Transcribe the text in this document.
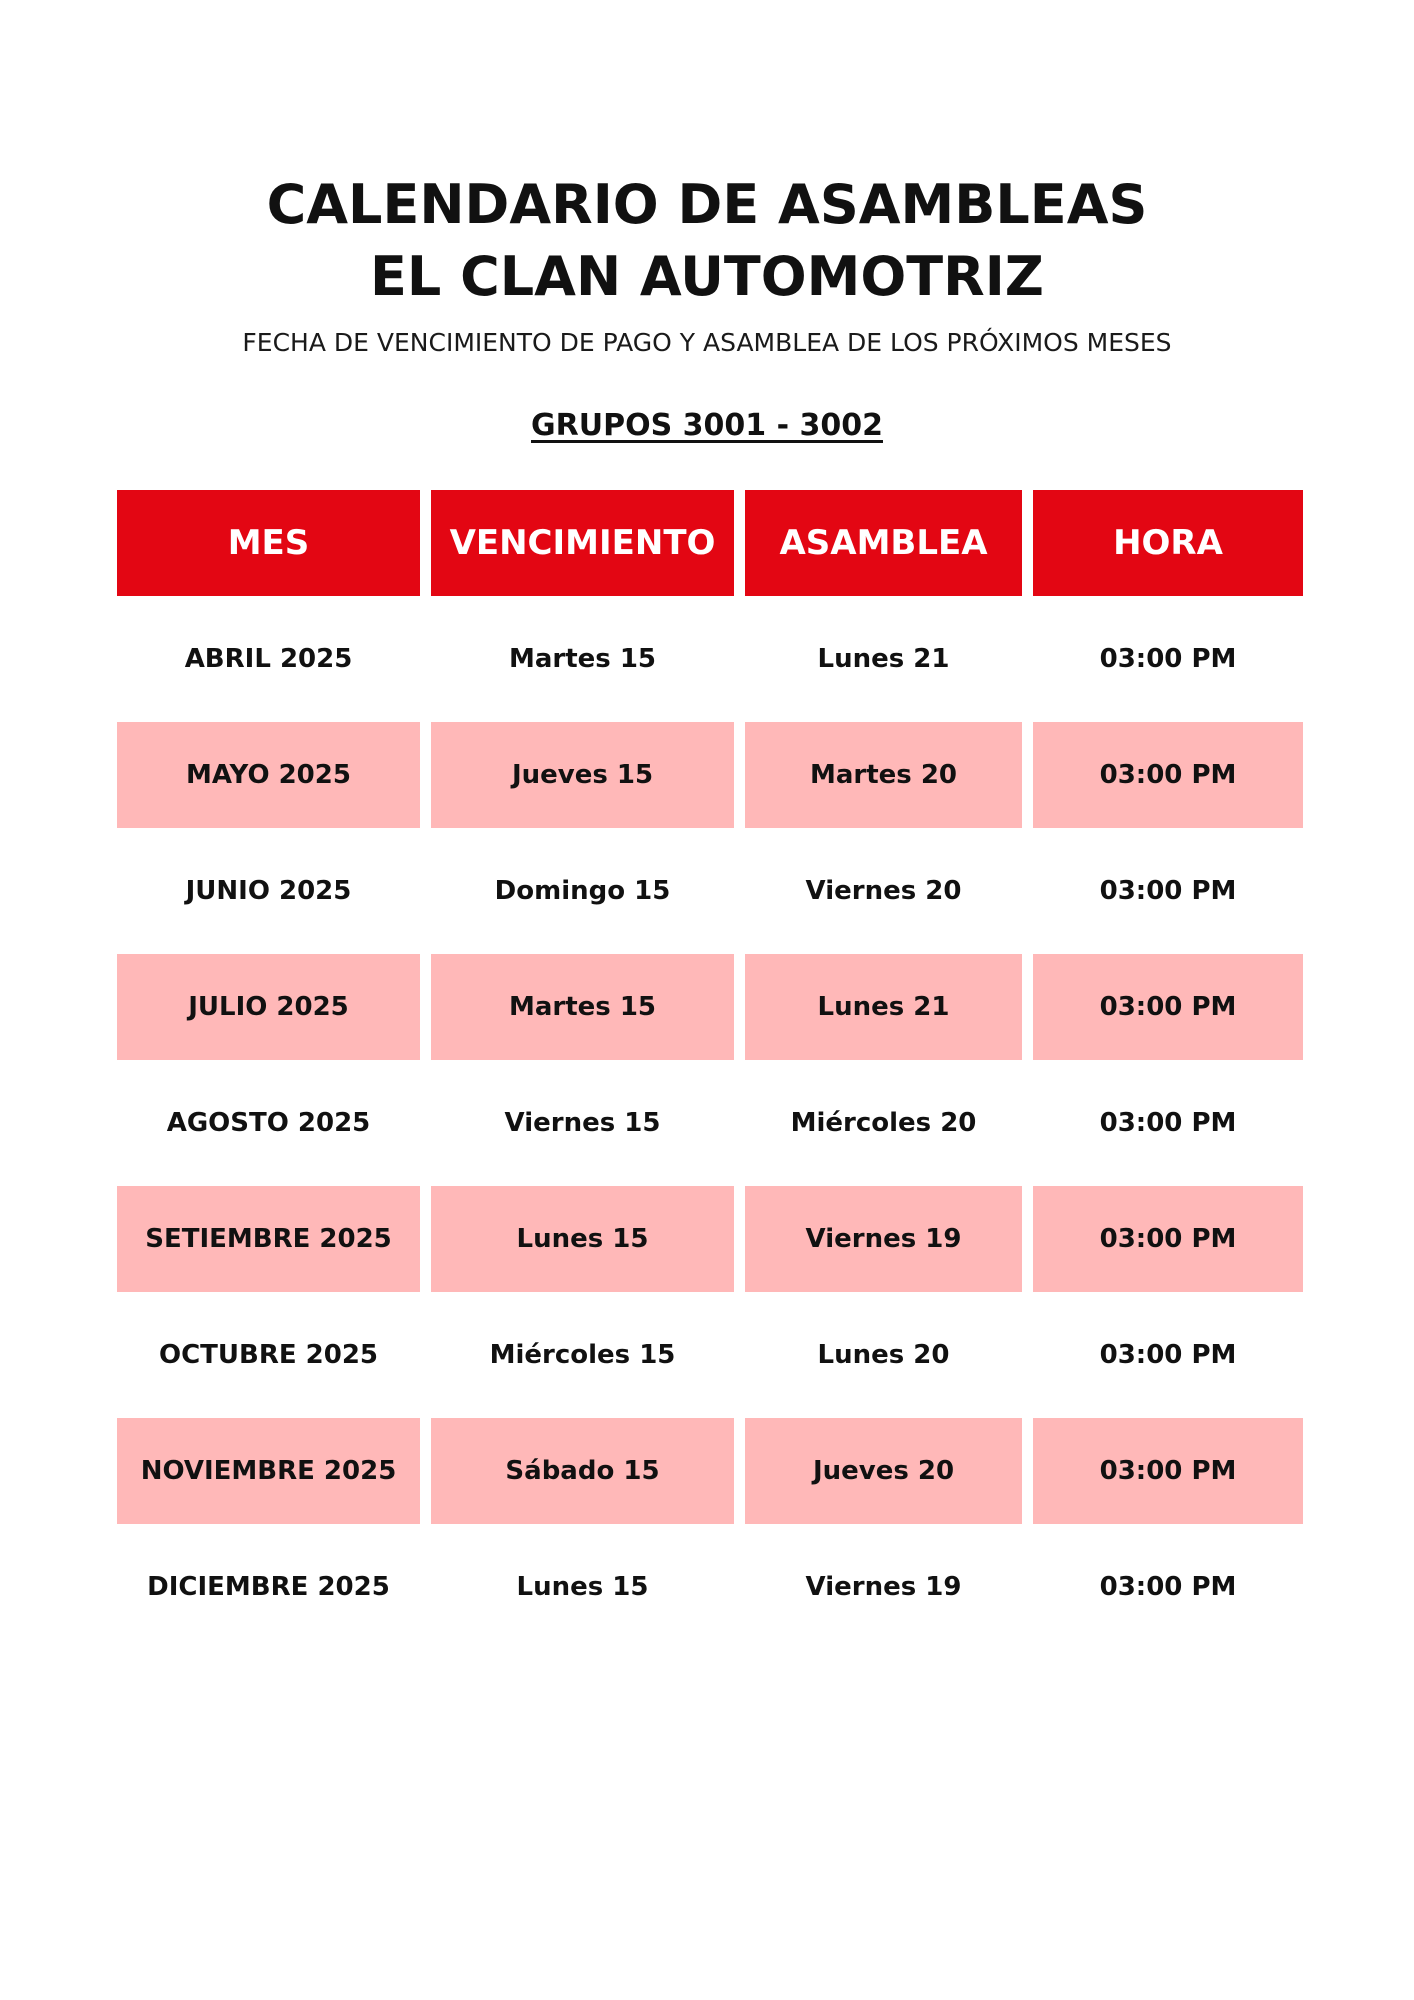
CALENDARIO DE ASAMBLEAS
EL CLAN AUTOMOTRIZ
FECHA DE VENCIMIENTO DE PAGO Y ASAMBLEA DE LOS PRÓXIMOS MESES
GRUPOS 3001 - 3002
MES	VENCIMIENTO	ASAMBLEA	HORA
ABRIL 2025	Martes 15	Lunes 21	03:00 PM
MAYO 2025	Jueves 15	Martes 20	03:00 PM
JUNIO 2025	Domingo 15	Viernes 20	03:00 PM
JULIO 2025	Martes 15	Lunes 21	03:00 PM
AGOSTO 2025	Viernes 15	Miércoles 20	03:00 PM
SETIEMBRE 2025	Lunes 15	Viernes 19	03:00 PM
OCTUBRE 2025	Miércoles 15	Lunes 20	03:00 PM
NOVIEMBRE 2025	Sábado 15	Jueves 20	03:00 PM
DICIEMBRE 2025	Lunes 15	Viernes 19	03:00 PM
